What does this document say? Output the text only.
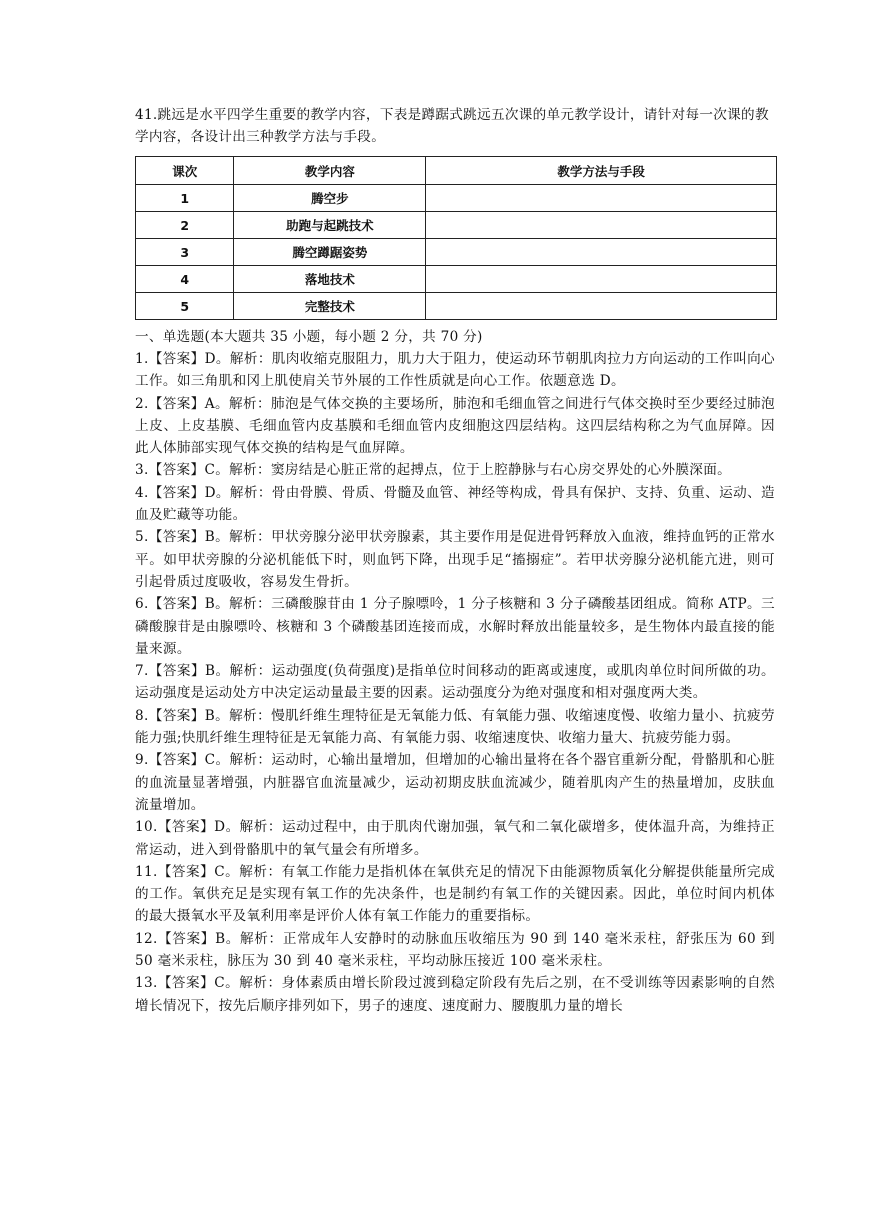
41.跳远是水平四学生重要的教学内容，下表是蹲踞式跳远五次课的单元教学设计，请针对每一次课的教学内容，各设计出三种教学方法与手段。
课次	教学内容	教学方法与手段
1	腾空步	
2	助跑与起跳技术	
3	腾空蹲踞姿势	
4	落地技术	
5	完整技术	
一、单选题(本大题共 35 小题，每小题 2 分，共 70 分)

1.【答案】D。解析：肌肉收缩克服阻力，肌力大于阻力，使运动环节朝肌肉拉力方向运动的工作叫向心工作。如三角肌和冈上肌使肩关节外展的工作性质就是向心工作。依题意选 D。

2.【答案】A。解析：肺泡是气体交换的主要场所，肺泡和毛细血管之间进行气体交换时至少要经过肺泡上皮、上皮基膜、毛细血管内皮基膜和毛细血管内皮细胞这四层结构。这四层结构称之为气血屏障。因此人体肺部实现气体交换的结构是气血屏障。

3.【答案】C。解析：窦房结是心脏正常的起搏点，位于上腔静脉与右心房交界处的心外膜深面。

4.【答案】D。解析：骨由骨膜、骨质、骨髓及血管、神经等构成，骨具有保护、支持、负重、运动、造血及贮藏等功能。

5.【答案】B。解析：甲状旁腺分泌甲状旁腺素，其主要作用是促进骨钙释放入血液，维持血钙的正常水平。如甲状旁腺的分泌机能低下时，则血钙下降，出现手足“搐搦症”。若甲状旁腺分泌机能亢进，则可引起骨质过度吸收，容易发生骨折。

6.【答案】B。解析：三磷酸腺苷由 1 分子腺嘌呤，1 分子核糖和 3 分子磷酸基团组成。简称 ATP。三磷酸腺苷是由腺嘌呤、核糖和 3 个磷酸基团连接而成，水解时释放出能量较多，是生物体内最直接的能量来源。

7.【答案】B。解析：运动强度(负荷强度)是指单位时间移动的距离或速度，或肌肉单位时间所做的功。运动强度是运动处方中决定运动量最主要的因素。运动强度分为绝对强度和相对强度两大类。

8.【答案】B。解析：慢肌纤维生理特征是无氧能力低、有氧能力强、收缩速度慢、收缩力量小、抗疲劳能力强;快肌纤维生理特征是无氧能力高、有氧能力弱、收缩速度快、收缩力量大、抗疲劳能力弱。

9.【答案】C。解析：运动时，心输出量增加，但增加的心输出量将在各个器官重新分配，骨骼肌和心脏的血流量显著增强，内脏器官血流量减少，运动初期皮肤血流减少，随着肌肉产生的热量增加，皮肤血流量增加。

10.【答案】D。解析：运动过程中，由于肌肉代谢加强，氧气和二氧化碳增多，使体温升高，为维持正常运动，进入到骨骼肌中的氧气量会有所增多。

11.【答案】C。解析：有氧工作能力是指机体在氧供充足的情况下由能源物质氧化分解提供能量所完成的工作。氧供充足是实现有氧工作的先决条件，也是制约有氧工作的关键因素。因此，单位时间内机体的最大摄氧水平及氧利用率是评价人体有氧工作能力的重要指标。

12.【答案】B。解析：正常成年人安静时的动脉血压收缩压为 90 到 140 毫米汞柱，舒张压为 60 到 50 毫米汞柱，脉压为 30 到 40 毫米汞柱，平均动脉压接近 100 毫米汞柱。

13.【答案】C。解析：身体素质由增长阶段过渡到稳定阶段有先后之别，在不受训练等因素影响的自然增长情况下，按先后顺序排列如下，男子的速度、速度耐力、腰腹肌力量的增长
